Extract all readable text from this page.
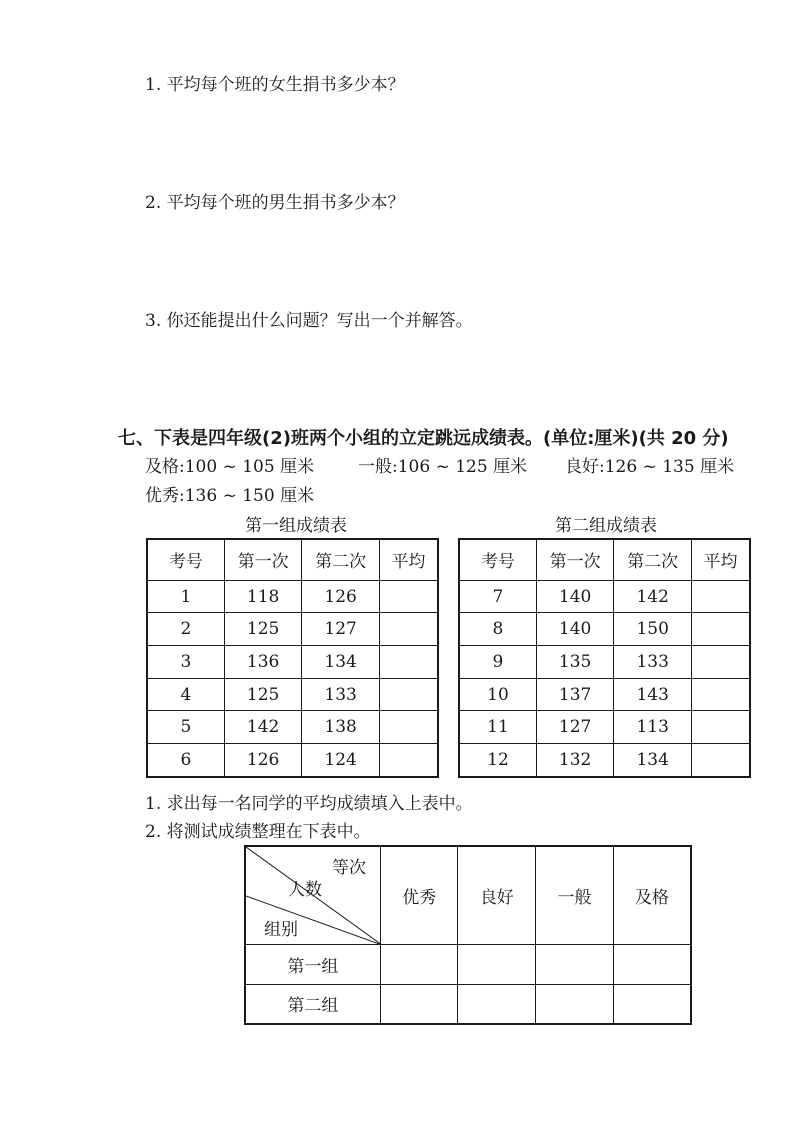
1. 平均每个班的女生捐书多少本？
2. 平均每个班的男生捐书多少本？
3. 你还能提出什么问题？写出一个并解答。
七、下表是四年级(2)班两个小组的立定跳远成绩表。(单位:厘米)(共 20 分)
及格:100 ~ 105 厘米	一般:106 ~ 125 厘米 良好:126 ~ 135 厘米
优秀:136 ~ 150 厘米
第一组成绩表	第二组成绩表
考号	第一次	第二次	平均
1	118	126	
2	125	127	
3	136	134	
4	125	133	
5	142	138	
6	126	124	
考号	第一次	第二次	平均
7	140	142	
8	140	150	
9	135	133	
10	137	143	
11	127	113	
12	132	134	
1. 求出每一名同学的平均成绩填入上表中。
2. 将测试成绩整理在下表中。
等次
人数
组别	优秀	良好	一般	及格
第一组				
第二组				
